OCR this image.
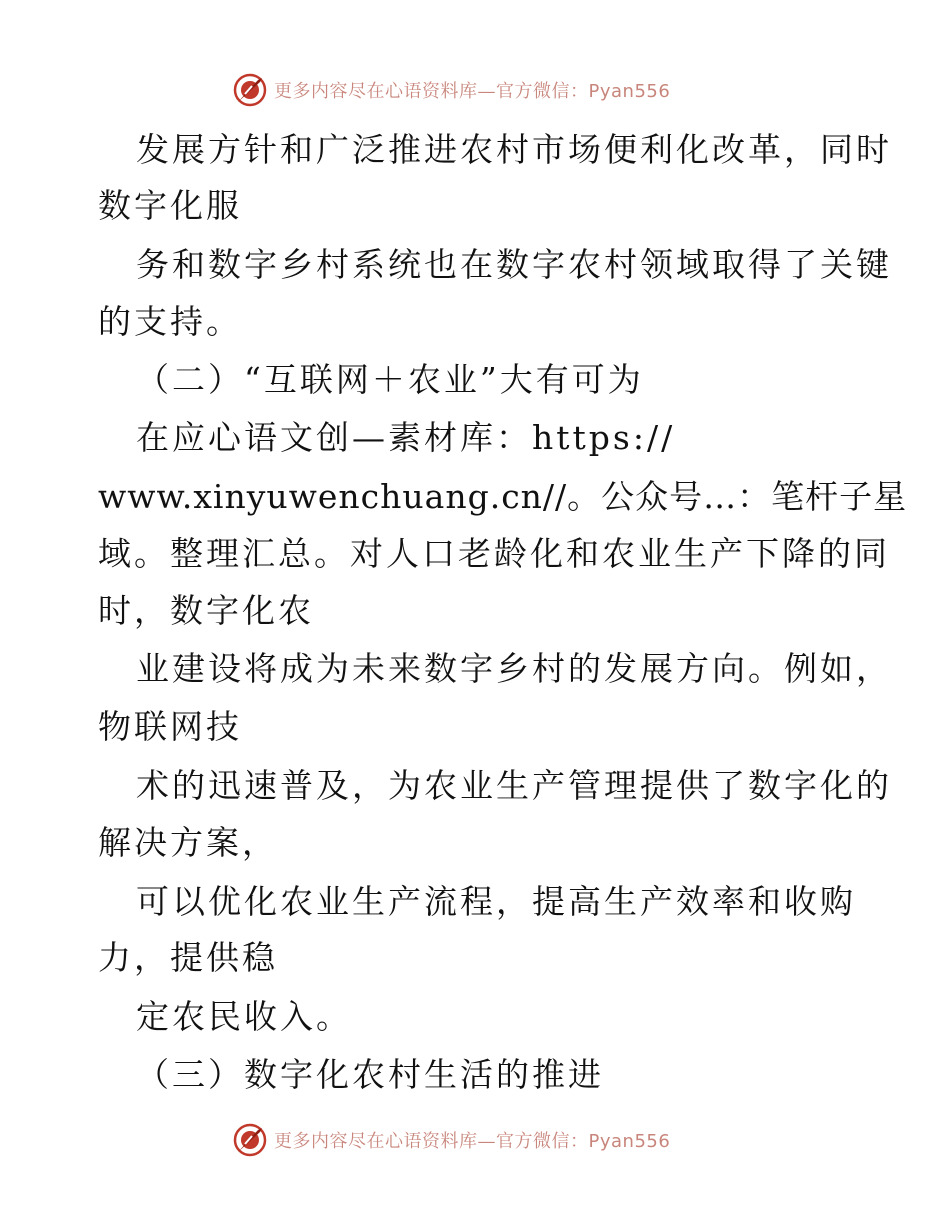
更多内容尽在心语资料库—官方微信：Pyan556
发展方针和广泛推进农村市场便利化改革，同时
数字化服
务和数字乡村系统也在数字农村领域取得了关键
的支持。
（二）“互联网＋农业”大有可为
在应心语文创—素材库：https://
www.xinyuwenchuang.cn//。公众号…：笔杆子星
域。整理汇总。对人口老龄化和农业生产下降的同
时，数字化农
业建设将成为未来数字乡村的发展方向。例如，
物联网技
术的迅速普及，为农业生产管理提供了数字化的
解决方案，
可以优化农业生产流程，提高生产效率和收购
力，提供稳
定农民收入。
（三）数字化农村生活的推进
更多内容尽在心语资料库—官方微信：Pyan556
